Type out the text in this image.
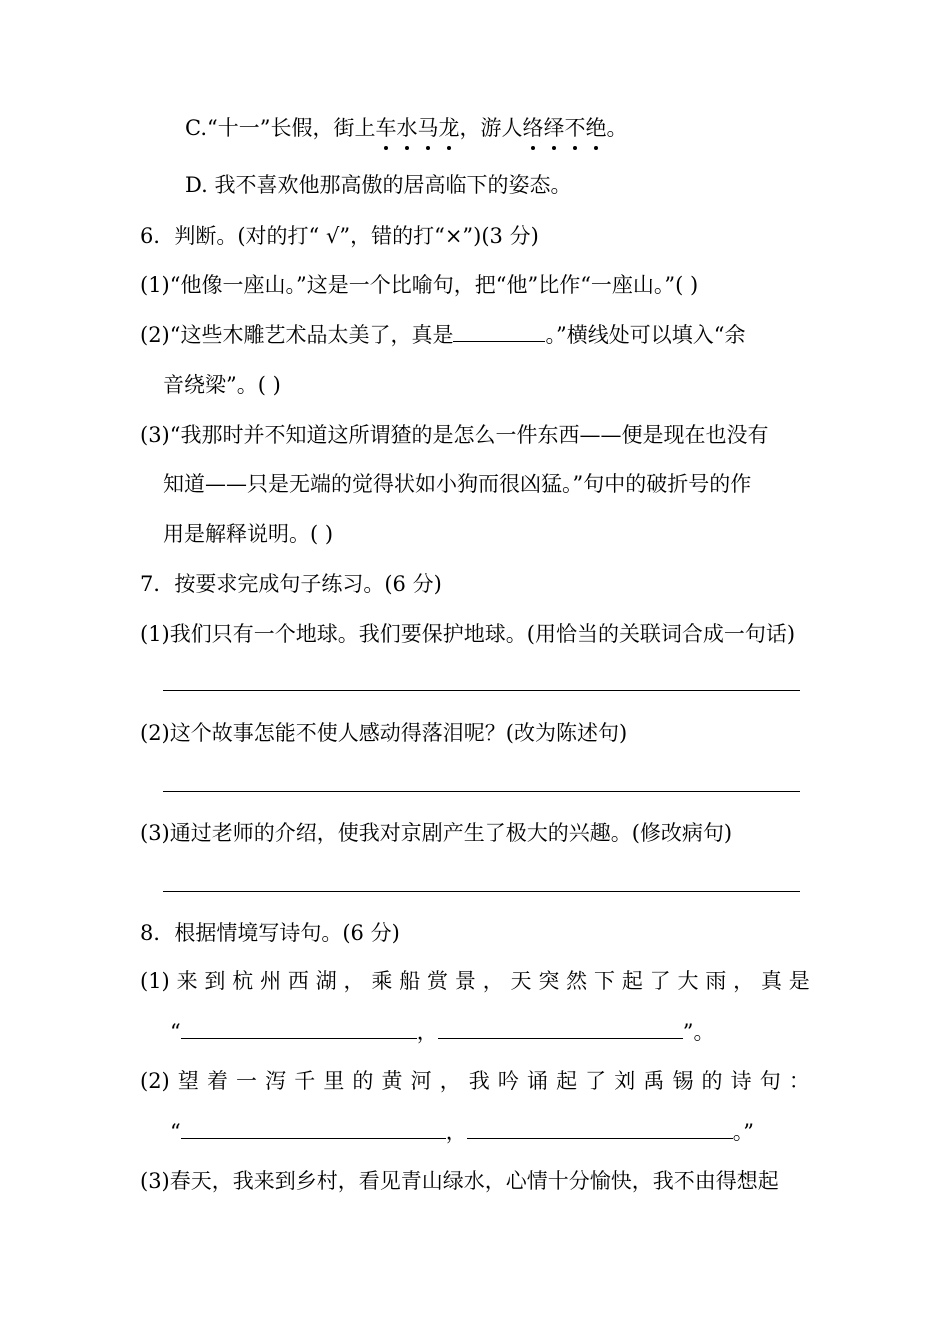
C.“十一”长假，街上车水马龙，游人络绎不绝。
D. 我不喜欢他那高傲的居高临下的姿态。
6．判断。(对的打“ √”，错的打“×”)(3 分)
(1)“他像一座山。”这是一个比喻句，把“他”比作“一座山。”( )
(2)“这些木雕艺术品太美了，真是	。”横线处可以填入“余
音绕梁”。( )
(3)“我那时并不知道这所谓猹的是怎么一件东西——便是现在也没有
知道——只是无端的觉得状如小狗而很凶猛。”句中的破折号的作
用是解释说明。( )
7．按要求完成句子练习。(6 分)
(1)我们只有一个地球。我们要保护地球。(用恰当的关联词合成一句话)
(2)这个故事怎能不使人感动得落泪呢？(改为陈述句)
(3)通过老师的介绍，使我对京剧产生了极大的兴趣。(修改病句)
8．根据情境写诗句。(6 分)
(1) 来 到 杭 州 西 湖 ， 乘 船 赏 景 ， 天 突 然 下 起 了 大 雨 ， 真 是
“	，	”。
(2) 望 着 一 泻 千 里 的 黄 河 ， 我 吟 诵 起 了 刘 禹 锡 的 诗 句 ：
“	，	。”
(3)春天，我来到乡村，看见青山绿水，心情十分愉快，我不由得想起
